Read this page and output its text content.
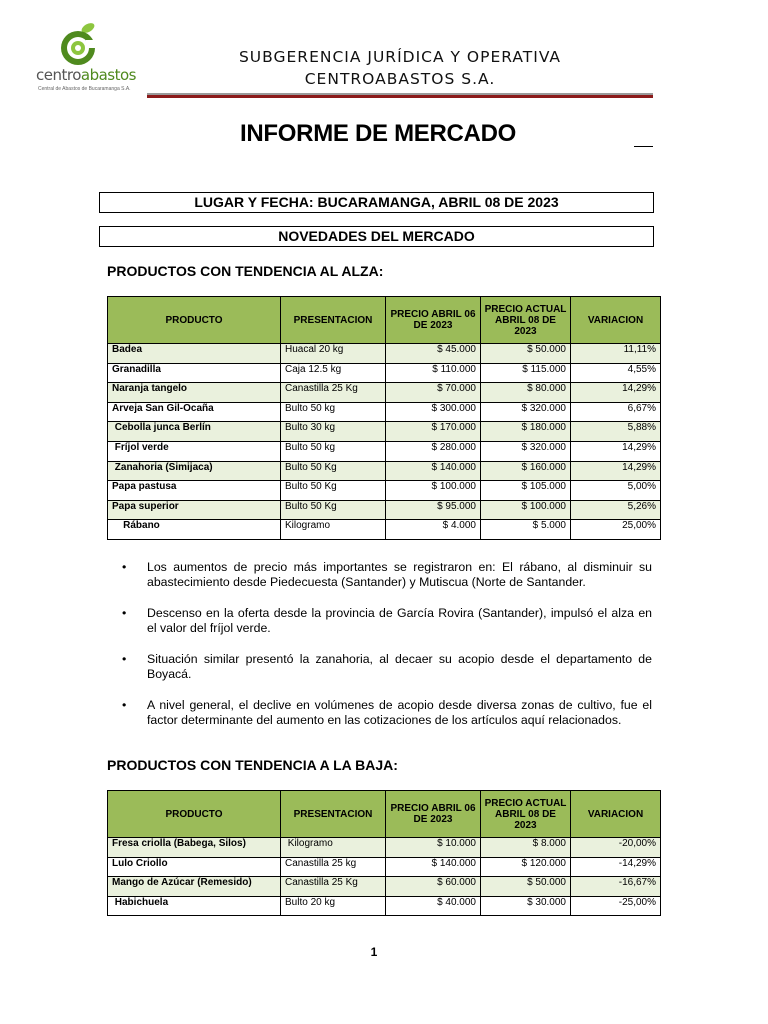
centroabastos
Central de Abastos de Bucaramanga S.A.
SUBGERENCIA JURÍDICA Y OPERATIVA
CENTROABASTOS S.A.
INFORME DE MERCADO
LUGAR Y FECHA: BUCARAMANGA, ABRIL 08 DE 2023
NOVEDADES DEL MERCADO
PRODUCTOS CON TENDENCIA AL ALZA:
PRODUCTO	PRESENTACION	PRECIO ABRIL 06 DE 2023	PRECIO ACTUAL ABRIL 08 DE 2023	VARIACION
Badea	Huacal 20 kg	$ 45.000	$ 50.000	11,11%
Granadilla	Caja 12.5 kg	$ 110.000	$ 115.000	4,55%
Naranja tangelo	Canastilla 25 Kg	$ 70.000	$ 80.000	14,29%
Arveja San Gil-Ocaña	Bulto 50 kg	$ 300.000	$ 320.000	6,67%
Cebolla junca Berlín	Bulto 30 kg	$ 170.000	$ 180.000	5,88%
Fríjol verde	Bulto 50 kg	$ 280.000	$ 320.000	14,29%
Zanahoria (Simijaca)	Bulto 50 Kg	$ 140.000	$ 160.000	14,29%
Papa pastusa	Bulto 50 Kg	$ 100.000	$ 105.000	5,00%
Papa superior	Bulto 50 Kg	$ 95.000	$ 100.000	5,26%
Rábano	Kilogramo	$ 4.000	$ 5.000	25,00%
• Los aumentos de precio más importantes se registraron en: El rábano, al disminuir su abastecimiento desde Piedecuesta (Santander) y Mutiscua (Norte de Santander.
• Descenso en la oferta desde la provincia de García Rovira (Santander), impulsó el alza en el valor del fríjol verde.
• Situación similar presentó la zanahoria, al decaer su acopio desde el departamento de Boyacá.
• A nivel general, el declive en volúmenes de acopio desde diversa zonas de cultivo, fue el factor determinante del aumento en las cotizaciones de los artículos aquí relacionados.
PRODUCTOS CON TENDENCIA A LA BAJA:
PRODUCTO	PRESENTACION	PRECIO ABRIL 06 DE 2023	PRECIO ACTUAL ABRIL 08 DE 2023	VARIACION
Fresa criolla (Babega, Silos)	Kilogramo	$ 10.000	$ 8.000	-20,00%
Lulo Criollo	Canastilla 25 kg	$ 140.000	$ 120.000	-14,29%
Mango de Azúcar (Remesido)	Canastilla 25 Kg	$ 60.000	$ 50.000	-16,67%
Habichuela	Bulto 20 kg	$ 40.000	$ 30.000	-25,00%
1
